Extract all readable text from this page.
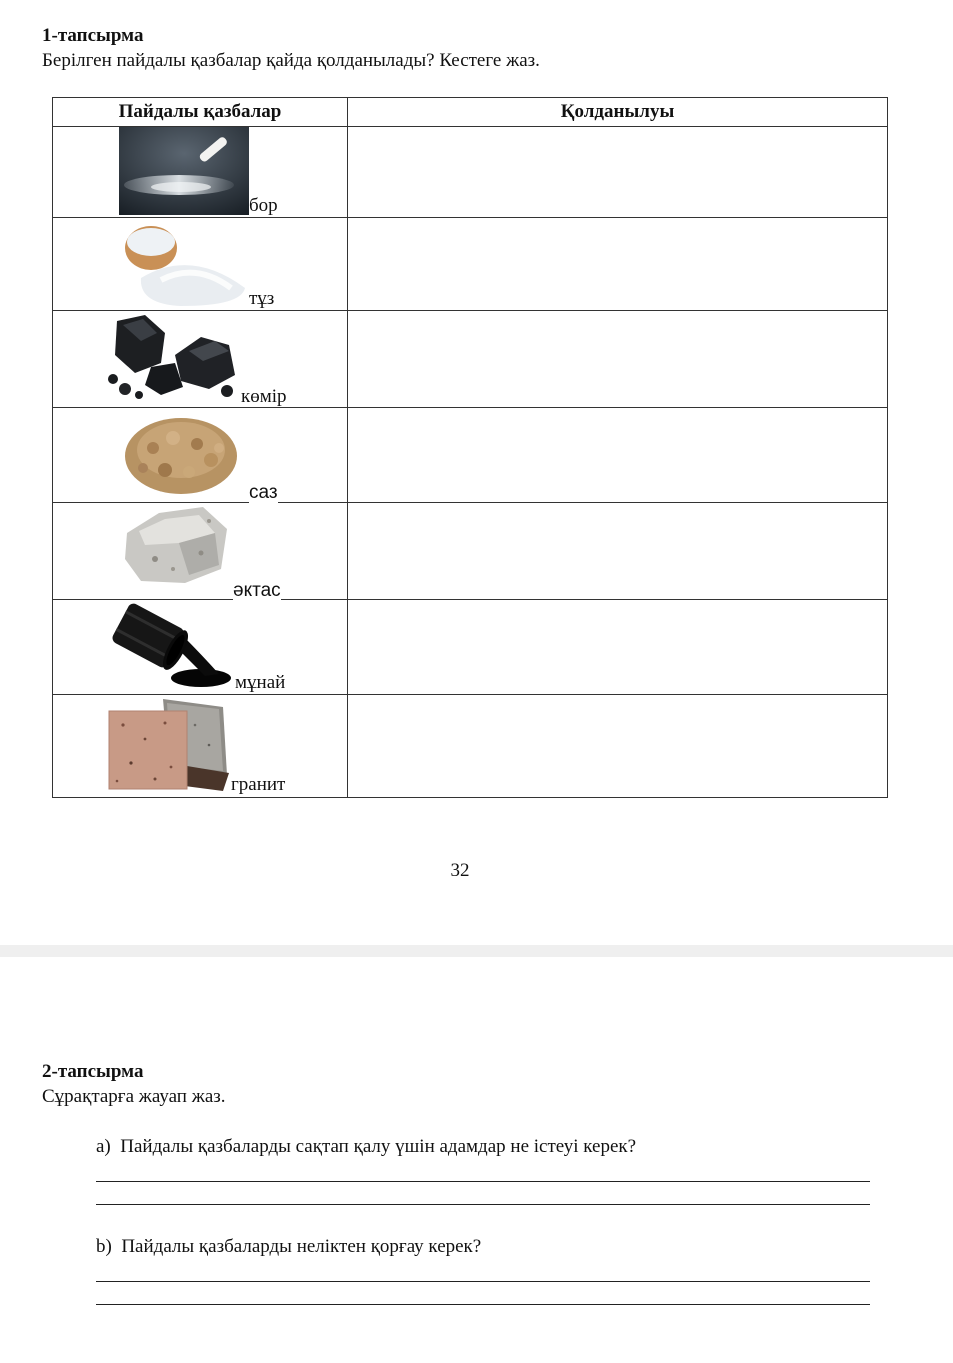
1-тапсырма
Берілген пайдалы қазбалар қайда қолданылады? Кестеге жаз.
Пайдалы қазбалар	Қолданылуы

бор	

тұз	

көмір	

саз	

әктас	

мұнай	

гранит	

32
2-тапсырма
Сұрақтарға жауап жаз.
a) Пайдалы қазбаларды сақтап қалу үшін адамдар не істеуі керек?
b) Пайдалы қазбаларды неліктен қорғау керек?
